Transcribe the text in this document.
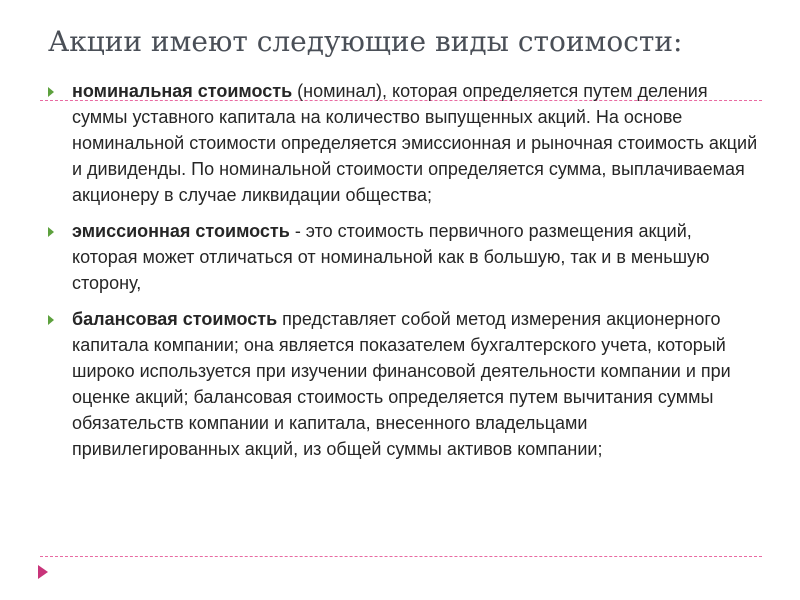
Акции имеют следующие виды стоимости:
номинальная стоимость (номинал), которая определяется путем деления суммы уставного капитала на количество выпущенных акций. На основе номинальной стоимости определяется эмиссионная и рыночная стоимость акций и дивиденды. По номинальной стоимости определяется сумма, выплачиваемая акционеру в случае ликвидации общества;
эмиссионная стоимость - это стоимость первичного размещения акций, которая может отличаться от номинальной как в большую, так и в меньшую сторону,
балансовая стоимость представляет собой метод измерения акционерного капитала компании; она является показателем бухгалтерского учета, который широко используется при изучении финансовой деятельности компании и при оценке акций; балансовая стоимость определяется путем вычитания суммы обязательств компании и капитала, внесенного владельцами привилегированных акций, из общей суммы активов компании;
